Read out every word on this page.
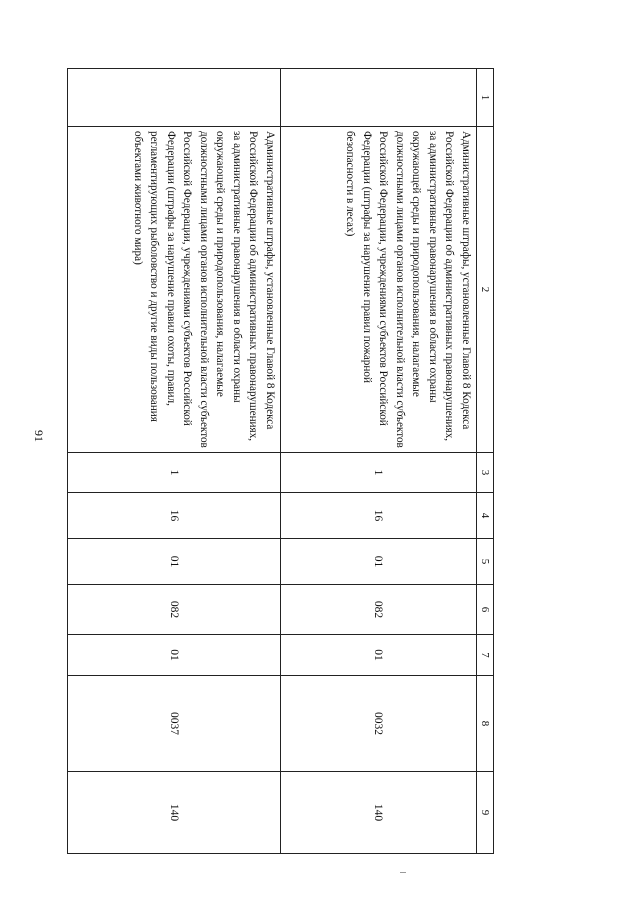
91
1	2	3	4	5	6	7	8	9
	Административные штрафы, установленные Главой 8 Кодекса Российской Федерации об административных правонарушениях, за административные правонарушения в области охраны окружающей среды и природопользования, налагаемые должностными лицами органов исполнительной власти субъектов Российской Федерации, учреждениями субъектов Российской Федерации (штрафы за нарушение правил пожарной безопасности в лесах)	1	16	01	082	01	0032	140
	Административные штрафы, установленные Главой 8 Кодекса Российской Федерации об административных правонарушениях, за административные правонарушения в области охраны окружающей среды и природопользования, налагаемые должностными лицами органов исполнительной власти субъектов Российской Федерации, учреждениями субъектов Российской Федерации (штрафы за нарушение правил охоты, правил, регламентирующих рыболовство и другие виды пользования объектами животного мира)	1	16	01	082	01	0037	140
